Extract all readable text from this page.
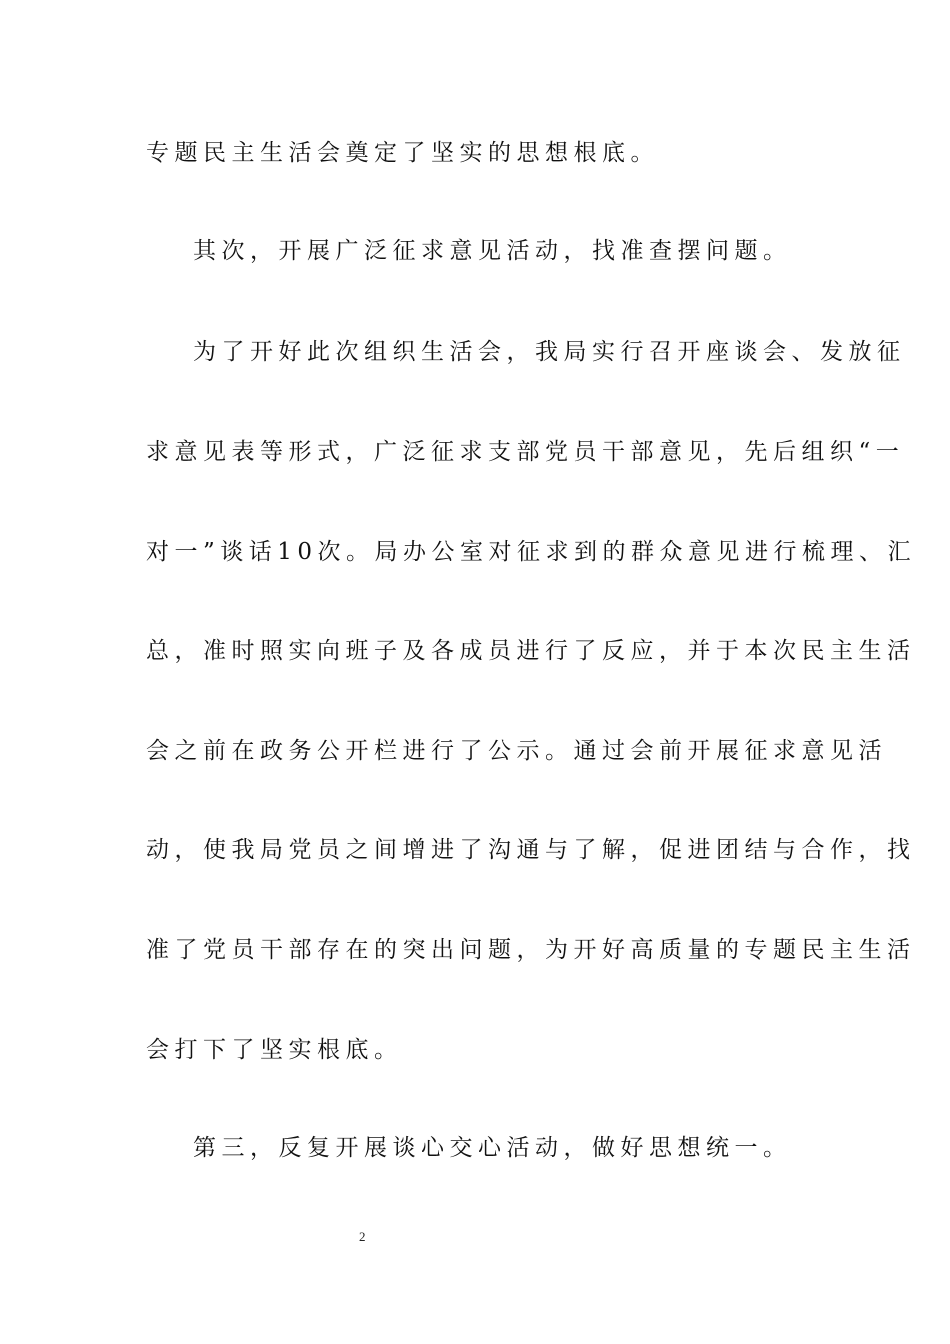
专题民主生活会奠定了坚实的思想根底。
其次，开展广泛征求意见活动，找准查摆问题。
为了开好此次组织生活会，我局实行召开座谈会、发放征
求意见表等形式，广泛征求支部党员干部意见，先后组织“一
对一”谈话10次。局办公室对征求到的群众意见进行梳理、汇
总，准时照实向班子及各成员进行了反应，并于本次民主生活
会之前在政务公开栏进行了公示。通过会前开展征求意见活
动，使我局党员之间增进了沟通与了解，促进团结与合作，找
准了党员干部存在的突出问题，为开好高质量的专题民主生活
会打下了坚实根底。
第三，反复开展谈心交心活动，做好思想统一。
2
